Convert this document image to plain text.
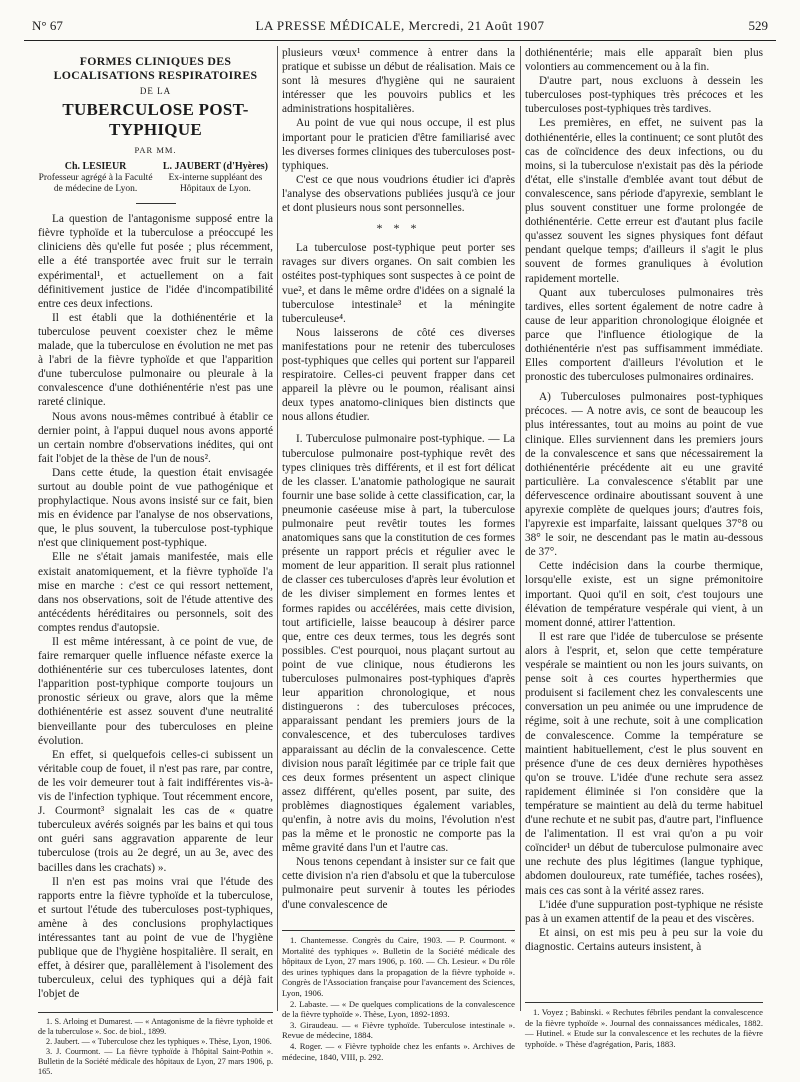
N° 67	LA PRESSE MÉDICALE, Mercredi, 21 Août 1907	529
FORMES CLINIQUES DES LOCALISATIONS RESPIRATOIRES
DE LA
TUBERCULOSE POST-TYPHIQUE
PAR MM.
Ch. LESIEUR
Professeur agrégé à la Faculté de médecine de Lyon.
L. JAUBERT (d'Hyères)
Ex-interne suppléant des Hôpitaux de Lyon.

La question de l'antagonisme supposé entre la fièvre typhoïde et la tuberculose a préoccupé les cliniciens dès qu'elle fut posée ; plus récemment, elle a été transportée avec fruit sur le terrain expérimental¹, et actuellement on a fait définitivement justice de l'idée d'incompatibilité entre ces deux infections.

Il est établi que la dothiénentérie et la tuberculose peuvent coexister chez le même malade, que la tuberculose en évolution ne met pas à l'abri de la fièvre typhoïde et que l'apparition d'une tuberculose pulmonaire ou pleurale à la convalescence d'une dothiénentérie n'est pas une rareté clinique.

Nous avons nous-mêmes contribué à établir ce dernier point, à l'appui duquel nous avons apporté un certain nombre d'observations inédites, qui ont fait l'objet de la thèse de l'un de nous².

Dans cette étude, la question était envisagée surtout au double point de vue pathogénique et prophylactique. Nous avons insisté sur ce fait, bien mis en évidence par l'analyse de nos observations, que, le plus souvent, la tuberculose post-typhique n'est que cliniquement post-typhique.

Elle ne s'était jamais manifestée, mais elle existait anatomiquement, et la fièvre typhoïde l'a mise en marche : c'est ce qui ressort nettement, dans nos observations, soit de l'étude attentive des antécédents héréditaires ou personnels, soit des comptes rendus d'autopsie.

Il est même intéressant, à ce point de vue, de faire remarquer quelle influence néfaste exerce la dothiénentérie sur ces tuberculoses latentes, dont l'apparition post-typhique comporte toujours un pronostic sérieux ou grave, alors que la même dothiénentérie est assez souvent d'une neutralité bienveillante pour des tuberculoses en pleine évolution.

En effet, si quelquefois celles-ci subissent un véritable coup de fouet, il n'est pas rare, par contre, de les voir demeurer tout à fait indifférentes vis-à-vis de l'infection typhique. Tout récemment encore, J. Courmont³ signalait les cas de « quatre tuberculeux avérés soignés par les bains et qui tous ont guéri sans aggravation apparente de leur tuberculose (trois au 2e degré, un au 3e, avec des bacilles dans les crachats) ».

Il n'en est pas moins vrai que l'étude des rapports entre la fièvre typhoïde et la tuberculose, et surtout l'étude des tuberculoses post-typhiques, amène à des conclusions prophylactiques intéressantes tant au point de vue de l'hygiène publique que de l'hygiène hospitalière. Il serait, en effet, à désirer que, parallèlement à l'isolement des tuberculeux, celui des typhiques qui a déjà fait l'objet de

plusieurs vœux¹ commence à entrer dans la pratique et subisse un début de réalisation. Mais ce sont là mesures d'hygiène qui ne sauraient intéresser que les pouvoirs publics et les administrations hospitalières.

Au point de vue qui nous occupe, il est plus important pour le praticien d'être familiarisé avec les diverses formes cliniques des tuberculoses post-typhiques.

C'est ce que nous voudrions étudier ici d'après l'analyse des observations publiées jusqu'à ce jour et dont plusieurs nous sont personnelles.

* * *

La tuberculose post-typhique peut porter ses ravages sur divers organes. On sait combien les ostéites post-typhiques sont suspectes à ce point de vue², et dans le même ordre d'idées on a signalé la tuberculose intestinale³ et la méningite tuberculeuse⁴.

Nous laisserons de côté ces diverses manifestations pour ne retenir des tuberculoses post-typhiques que celles qui portent sur l'appareil respiratoire. Celles-ci peuvent frapper dans cet appareil la plèvre ou le poumon, réalisant ainsi deux types anatomo-cliniques bien distincts que nous allons étudier.

I. Tuberculose pulmonaire post-typhique. — La tuberculose pulmonaire post-typhique revêt des types cliniques très différents, et il est fort délicat de les classer. L'anatomie pathologique ne saurait fournir une base solide à cette classification, car, la pneumonie caséeuse mise à part, la tuberculose pulmonaire peut revêtir toutes les formes anatomiques sans que la constitution de ces formes présente un rapport précis et régulier avec le moment de leur apparition. Il serait plus rationnel de classer ces tuberculoses d'après leur évolution et de les diviser simplement en formes lentes et formes rapides ou accélérées, mais cette division, tout artificielle, laisse beaucoup à désirer parce que, entre ces deux termes, tous les degrés sont possibles. C'est pourquoi, nous plaçant surtout au point de vue clinique, nous étudierons les tuberculoses pulmonaires post-typhiques d'après leur apparition chronologique, et nous distinguerons : des tuberculoses précoces, apparaissant pendant les premiers jours de la convalescence, et des tuberculoses tardives apparaissant au déclin de la convalescence. Cette division nous paraît légitimée par ce triple fait que ces deux formes présentent un aspect clinique assez différent, qu'elles posent, par suite, des problèmes diagnostiques également variables, qu'enfin, à notre avis du moins, l'évolution n'est pas la même et le pronostic ne comporte pas la même gravité dans l'un et l'autre cas.

Nous tenons cependant à insister sur ce fait que cette division n'a rien d'absolu et que la tuberculose pulmonaire peut survenir à toutes les périodes d'une convalescence de

dothiénentérie; mais elle apparaît bien plus volontiers au commencement ou à la fin.

D'autre part, nous excluons à dessein les tuberculoses post-typhiques très précoces et les tuberculoses post-typhiques très tardives.

Les premières, en effet, ne suivent pas la dothiénentérie, elles la continuent; ce sont plutôt des cas de coïncidence des deux infections, ou du moins, si la tuberculose n'existait pas dès la période d'état, elle s'installe d'emblée avant tout début de convalescence, sans période d'apyrexie, semblant le plus souvent constituer une forme prolongée de dothiénentérie. Cette erreur est d'autant plus facile qu'assez souvent les signes physiques font défaut pendant quelque temps; d'ailleurs il s'agit le plus souvent de formes granuliques à évolution rapidement mortelle.

Quant aux tuberculoses pulmonaires très tardives, elles sortent également de notre cadre à cause de leur apparition chronologique éloignée et parce que l'influence étiologique de la dothiénentérie n'est pas suffisamment immédiate. Elles comportent d'ailleurs l'évolution et le pronostic des tuberculoses pulmonaires ordinaires.

A) Tuberculoses pulmonaires post-typhiques précoces. — A notre avis, ce sont de beaucoup les plus intéressantes, tout au moins au point de vue clinique. Elles surviennent dans les premiers jours de la convalescence et sans que nécessairement la dothiénentérie précédente ait eu une gravité particulière. La convalescence s'établit par une défervescence ordinaire aboutissant souvent à une apyrexie complète de quelques jours; d'autres fois, l'apyrexie est imparfaite, laissant quelques 37°8 ou 38° le soir, ne descendant pas le matin au-dessous de 37°.

Cette indécision dans la courbe thermique, lorsqu'elle existe, est un signe prémonitoire important. Quoi qu'il en soit, c'est toujours une élévation de température vespérale qui vient, à un moment donné, attirer l'attention.

Il est rare que l'idée de tuberculose se présente alors à l'esprit, et, selon que cette température vespérale se maintient ou non les jours suivants, on pense soit à ces courtes hyperthermies que produisent si facilement chez les convalescents une conversation un peu animée ou une imprudence de régime, soit à une rechute, soit à une complication de convalescence. Comme la température se maintient habituellement, c'est le plus souvent en présence d'une de ces deux dernières hypothèses qu'on se trouve. L'idée d'une rechute sera assez rapidement éliminée si l'on considère que la température se maintient au delà du terme habituel d'une rechute et ne subit pas, d'autre part, l'influence de l'alimentation. Il est vrai qu'on a pu voir coïncider¹ un début de tuberculose pulmonaire avec une rechute des plus légitimes (langue typhique, abdomen douloureux, rate tuméfiée, taches rosées), mais ces cas sont à la vérité assez rares.

L'idée d'une suppuration post-typhique ne résiste pas à un examen attentif de la peau et des viscères.

Et ainsi, on est mis peu à peu sur la voie du diagnostic. Certains auteurs insistent, à

1. S. Arloing et Dumarest. — « Antagonisme de la fièvre typhoïde et de la tuberculose ». Soc. de biol., 1899.

2. Jaubert. — « Tuberculose chez les typhiques ». Thèse, Lyon, 1906.

3. J. Courmont. — La fièvre typhoïde à l'hôpital Saint-Pothin ». Bulletin de la Société médicale des hôpitaux de Lyon, 27 mars 1906, p. 165.

1. Chantemesse. Congrès du Caire, 1903. — P. Courmont. « Mortalité des typhiques ». Bulletin de la Société médicale des hôpitaux de Lyon, 27 mars 1906, p. 160. — Ch. Lesieur. « Du rôle des urines typhiques dans la propagation de la fièvre typhoïde ». Congrès de l'Association française pour l'avancement des Sciences, Lyon, 1906.

2. Labaste. — « De quelques complications de la convalescence de la fièvre typhoïde ». Thèse, Lyon, 1892-1893.

3. Giraudeau. — « Fièvre typhoïde. Tuberculose intestinale ». Revue de médecine, 1884.

4. Roger. — « Fièvre typhoïde chez les enfants ». Archives de médecine, 1840, VIII, p. 292.

1. Voyez ; Babinski. « Rechutes fébriles pendant la convalescence de la fièvre typhoïde ». Journal des connaissances médicales, 1882. — Hutinel. « Etude sur la convalescence et les rechutes de la fièvre typhoïde. » Thèse d'agrégation, Paris, 1883.
